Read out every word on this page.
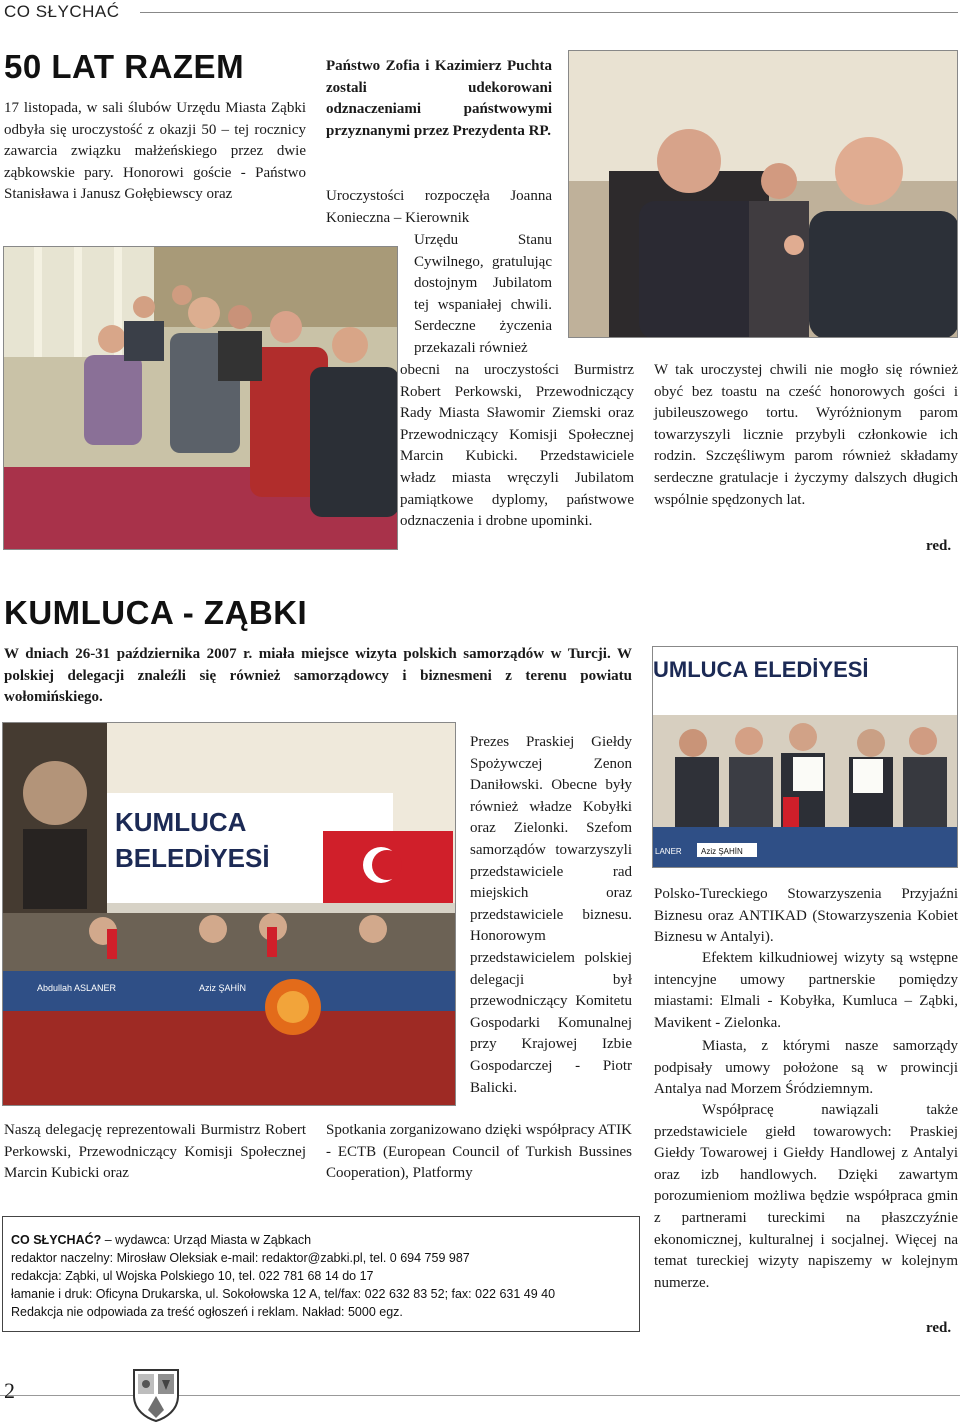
CO SŁYCHAĆ
50 LAT RAZEM
17 listopada, w sali ślubów Urzędu Miasta Ząbki odbyła się uroczystość z okazji 50 – tej rocznicy zawarcia związku małżeńskiego przez dwie ząbkowskie pary. Honorowi goście - Państwo Stanisława i Janusz Gołębiewscy oraz
Państwo Zofia i Kazimierz Puchta zostali udekorowani odznaczeniami państwowymi przyznanymi przez Prezydenta RP.
Uroczystości rozpoczęła Joanna Konieczna – Kierownik
Urzędu Stanu Cywilnego, gratulując dostojnym Jubilatom tej wspaniałej chwili. Serdeczne życzenia przekazali również
obecni na uroczystości Burmistrz Robert Perkowski, Przewodniczący Rady Miasta Sławomir Ziemski oraz Przewodniczący Komisji Społecznej Marcin Kubicki. Przedstawiciele władz miasta wręczyli Jubilatom pamiątkowe dyplomy, państwowe odznaczenia i drobne upominki.
W tak uroczystej chwili nie mogło się również obyć bez toastu na cześć honorowych gości i jubileuszowego tortu. Wyróżnionym parom towarzyszyli licznie przybyli członkowie ich rodzin. Szczęśliwym parom również składamy serdeczne gratulacje i życzymy dalszych długich wspólnie spędzonych lat.
red.
KUMLUCA - ZĄBKI
W dniach 26-31 października 2007 r. miała miejsce wizyta polskich samorządów w Turcji. W polskiej delegacji znaleźli się również samorządowcy i biznesmeni z terenu powiatu wołomińskiego.
KUMLUCA
BELEDİYESİ
Abdullah ASLANER	Aziz ŞAHİN
Naszą delegację reprezentowali Burmistrz Robert Perkowski, Przewodniczący Komisji Społecznej Marcin Kubicki oraz
Prezes Praskiej Giełdy Spożywczej Zenon Daniłowski. Obecne były również władze Kobyłki oraz Zielonki. Szefom samorządów towarzyszyli przedstawiciele rad miejskich oraz przedstawiciele biznesu. Honorowym przedstawicielem polskiej delegacji był przewodniczący Komitetu Gospodarki Komunalnej przy Krajowej Izbie Gospodarczej - Piotr Balicki.
Spotkania zorganizowano dzięki współpracy ATIK - ECTB (European Council of Turkish Bussines Cooperation), Platformy
UMLUCA ELEDİYESİ
Aziz ŞAHİN
LANER
Polsko-Tureckiego Stowarzyszenia Przyjaźni Biznesu oraz ANTIKAD (Stowarzyszenia Kobiet Biznesu w Antalyi).
Efektem kilkudniowej wizyty są wstępne intencyjne umowy partnerskie pomiędzy miastami: Elmali - Kobyłka, Kumluca – Ząbki, Mavikent - Zielonka.
Miasta, z którymi nasze samorządy podpisały umowy położone są w prowincji Antalya nad Morzem Śródziemnym.
Współpracę nawiązali także przedstawiciele giełd towarowych: Praskiej Giełdy Towarowej i Giełdy Handlowej z Antalyi oraz izb handlowych. Dzięki zawartym porozumieniom możliwa będzie współpraca gmin z partnerami tureckimi na płaszczyźnie ekonomicznej, kulturalnej i socjalnej. Więcej na temat tureckiej wizyty napiszemy w kolejnym numerze.
red.
CO SŁYCHAĆ? – wydawca: Urząd Miasta w Ząbkach
redaktor naczelny: Mirosław Oleksiak e-mail: redaktor@zabki.pl, tel. 0 694 759 987
redakcja: Ząbki, ul Wojska Polskiego 10, tel. 022 781 68 14 do 17
łamanie i druk: Oficyna Drukarska, ul. Sokołowska 12 A, tel/fax: 022 632 83 52; fax: 022 631 49 40
Redakcja nie odpowiada za treść ogłoszeń i reklam. Nakład: 5000 egz.
2
